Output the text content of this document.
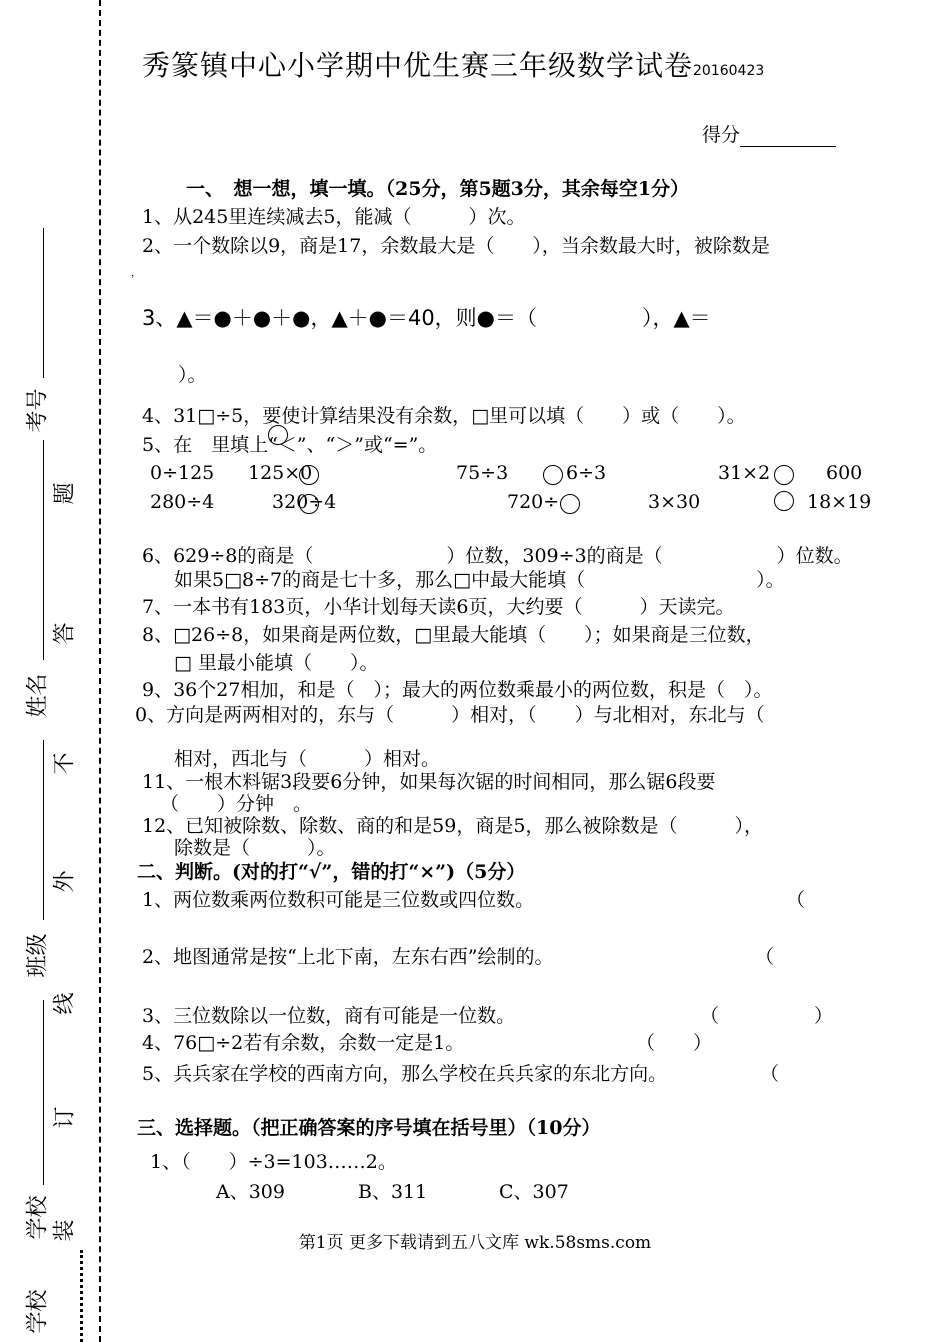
考号
姓名
班级
学校
学校
题
答
不
外
线
订
装
秀篆镇中心小学期中优生赛三年级数学试卷20160423
得分
一、　想一想，填一填。（25分，第5题3分，其余每空1分）
1、从245里连续减去5，能减（　　　）次。
2、一个数除以9，商是17，余数最大是（　　），当余数最大时，被除数是
，
3、▲＝●＋●＋●，▲＋●＝40，则●＝（　　　　　），▲＝
）。
4、31□÷5，要使计算结果没有余数，□里可以填（　　）或（　　）。
5、在　里填上“＜”、“＞”或“=”。
0÷125 125×0	75÷3	6÷3	31×2	600
280÷4	320÷4	720÷	3×30	18×19
6、629÷8的商是（　　　　　　　）位数，309÷3的商是（　　　　　　）位数。
如果5□8÷7的商是七十多，那么□中最大能填（　　　　　　　　　）。
7、一本书有183页，小华计划每天读6页，大约要（　　　）天读完。
8、□26÷8，如果商是两位数，□里最大能填（　　）；如果商是三位数，
□ 里最小能填（　　）。
9、36个27相加，和是（　）；最大的两位数乘最小的两位数，积是（　）。
0、方向是两两相对的，东与（　　　）相对，（　　）与北相对，东北与（
相对，西北与（　　　）相对。
11、一根木料锯3段要6分钟，如果每次锯的时间相同，那么锯6段要
（　　）分钟　。
12、已知被除数、除数、商的和是59，商是5，那么被除数是（　　　），
除数是（　　　）。
二、判断。(对的打“√”，错的打“×”)（5分）
1、两位数乘两位数积可能是三位数或四位数。	（
2、地图通常是按“上北下南，左东右西”绘制的。	（
3、三位数除以一位数，商有可能是一位数。	（　　　　　）
4、76□÷2若有余数，余数一定是1。	（　　）
5、兵兵家在学校的西南方向，那么学校在兵兵家的东北方向。	（
三、选择题。（把正确答案的序号填在括号里）（10分）
1、（　　）÷3=103……2。
A、309	B、311	C、307
第1页 更多下载请到五八文库 wk.58sms.com
